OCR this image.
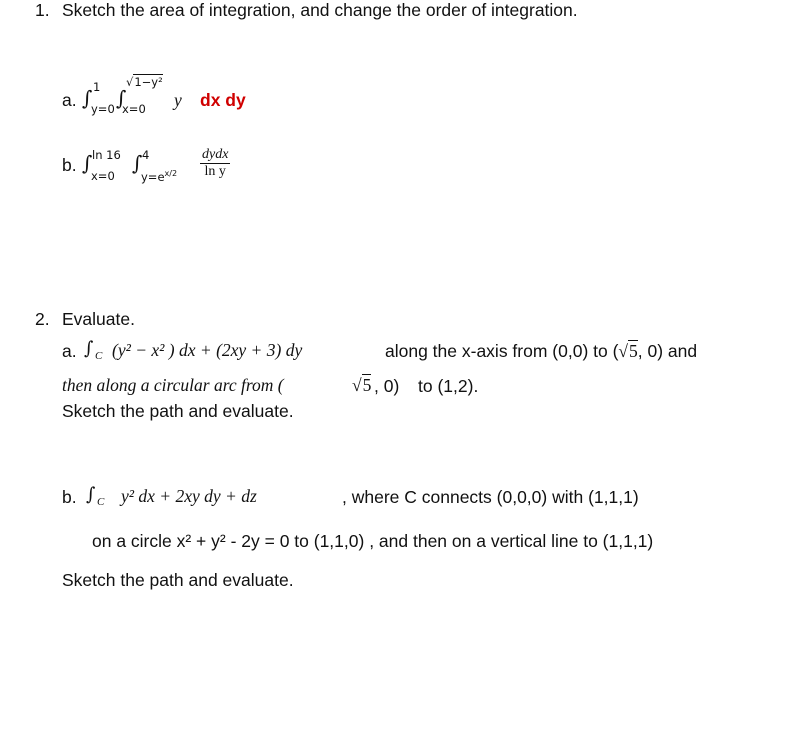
1. Sketch the area of integration, and change the order of integration.
a. ∫ 1
y=0 ∫
√1−y²
x=0 y dx dy
b. ∫ ln 16
x=0
∫ 4
$y=e^{x/2} \frac{\text{dydx}}{\text{ln y}}$
2. Evaluate.
a. ∫ C (y² − x² ) dx + (2xy + 3) dy	along the x-axis from (0,0) to (√5, 0) and
then along a circular arc from (	√5 , 0) to (1,2).
Sketch the path and evaluate.
b. ∫ C y² dx + 2xy dy + dz	, where C connects (0,0,0) with (1,1,1)
on a circle x² + y² - 2y = 0 to (1,1,0) , and then on a vertical line to (1,1,1)
Sketch the path and evaluate.
